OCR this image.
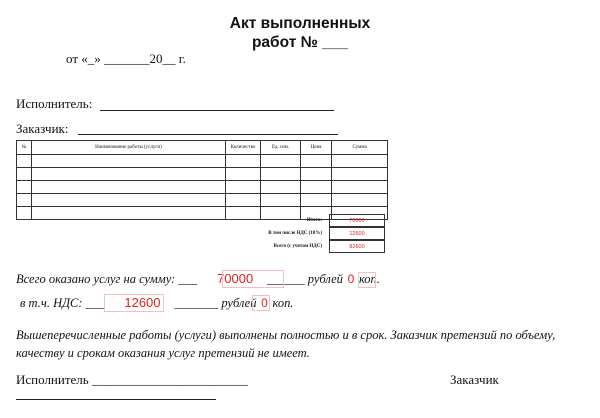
Акт выполненных
работ № ___
от «_» _______20__ г.
Исполнитель:
Заказчик:
№	Наименование работы (услуги)	Количество	Ед. изм.	Цена	Сумма

Итого:	70000
В том числе НДС (18%)	12600
Всего (с учетом НДС)	82600
Всего оказано услуг на сумму: ___ 70000 ______ рублей 0 коп.
в т.ч. НДС: ___ 12600 _______ рублей 0 коп.
Вышеперечисленные работы (услуги) выполнены полностью и в срок. Заказчик претензий по объему, качеству и срокам оказания услуг претензий не имеет.
Исполнитель ________________________	Заказчик
